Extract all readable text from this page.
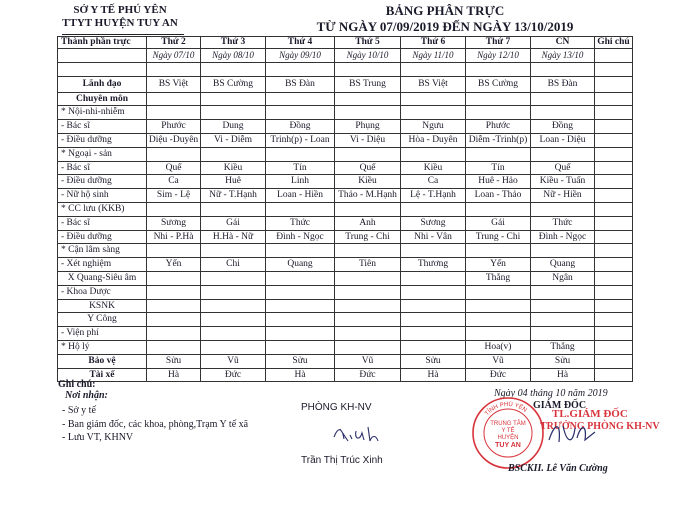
SỞ Y TẾ PHÚ YÊN
TTYT HUYỆN TUY AN
BẢNG PHÂN TRỰC
TỪ NGÀY 07/09/2019 ĐẾN NGÀY 13/10/2019
Thành phần trực	Thứ 2	Thứ 3	Thứ 4	Thứ 5	Thứ 6	Thứ 7	CN	Ghi chú
	Ngày 07/10	Ngày 08/10	Ngày 09/10	Ngày 10/10	Ngày 11/10	Ngày 12/10	Ngày 13/10	

Lãnh đạo	BS Việt	BS Cường	BS Đàn	BS Trung	BS Việt	BS Cường	BS Đàn	
Chuyên môn								
* Nội-nhi-nhiễm								
- Bác sĩ	Phước	Dung	Đồng	Phụng	Ngưu	Phước	Đồng	
- Điều dưỡng	Diệu -Duyên	Vi - Diễm	Trinh(p) - Loan	Vi - Diệu	Hòa - Duyên	Diễm -Trinh(p)	Loan - Diệu	
* Ngoại - sản								
- Bác sĩ	Quế	Kiều	Tín	Quế	Kiều	Tín	Quế	
- Điều dưỡng	Ca	Huê	Linh	Kiều	Ca	Huê - Hảo	Kiều - Tuấn	
- Nữ hộ sinh	Sim - Lệ	Nữ - T.Hạnh	Loan - Hiền	Thảo - M.Hạnh	Lệ - T.Hạnh	Loan - Thảo	Nữ - Hiền	
* CC lưu (KKB)								
- Bác sĩ	Sương	Gái	Thức	Anh	Sương	Gái	Thức	
- Điều dưỡng	Nhi - P.Hà	H.Hà - Nữ	Đình - Ngọc	Trung - Chi	Nhi - Vân	Trung - Chi	Đình - Ngọc	
* Cận lâm sàng								
- Xét nghiệm	Yến	Chi	Quang	Tiên	Thương	Yến	Quang	
X Quang-Siêu âm						Thắng	Ngân	
- Khoa Dược								
KSNK								
Y Công								
- Viện phí								
* Hộ lý						Hoa(v)	Thắng	
Bảo vệ	Sửu	Vũ	Sửu	Vũ	Sửu	Vũ	Sửu	
Tài xế	Hà	Đức	Hà	Đức	Hà	Đức	Hà	
Ghi chú:
Nơi nhận:
- Sở y tế
- Ban giám đốc, các khoa, phòng,Trạm Y tế xã
- Lưu VT, KHNV
PHÒNG KH-NV
Trần Thị Trúc Xinh
Ngày 04 tháng 10 năm 2019
GIÁM ĐỐC
TL.GIÁM ĐỐC
TRƯỞNG PHÒNG KH-NV
TỈNH PHÚ YÊN
TRUNG TÂM
Y TẾ
HUYỆN
TUY AN
BSCKII. Lê Văn Cường
